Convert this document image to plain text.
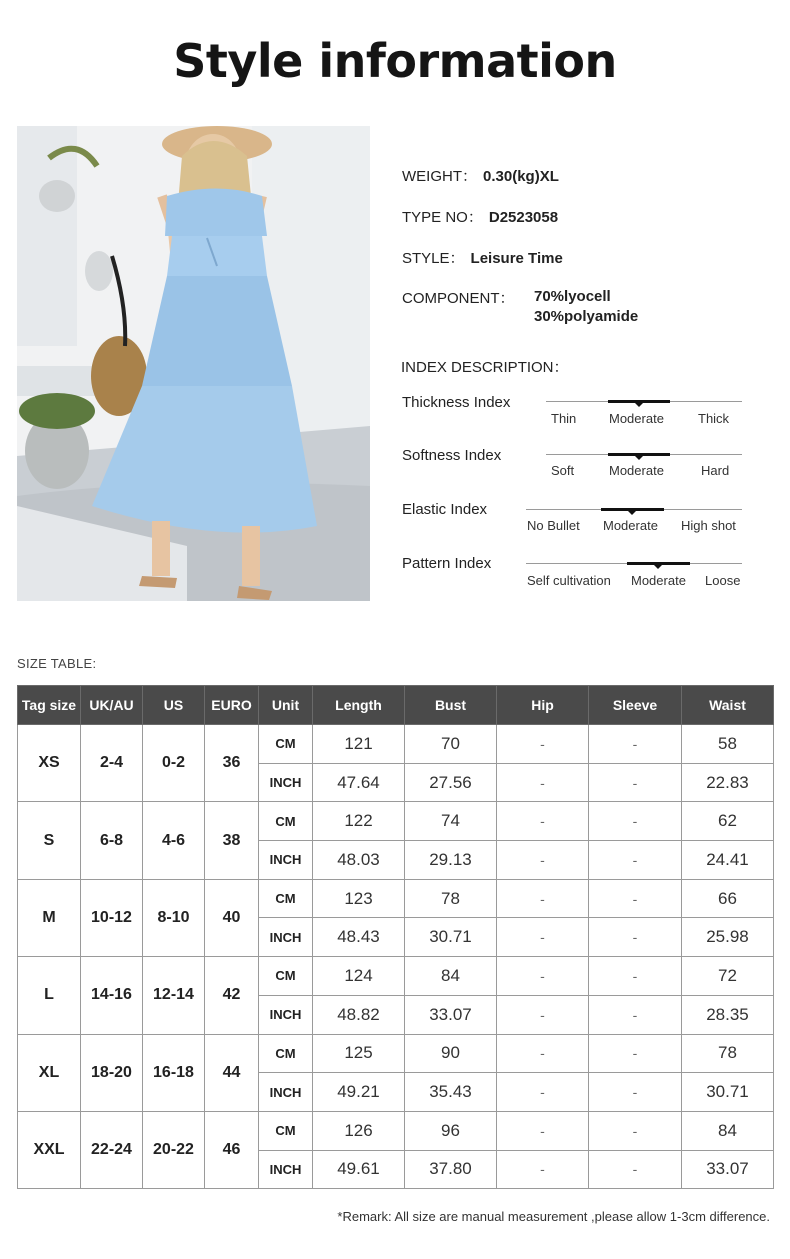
Style information
WEIGHT： 0.30(kg)XL
TYPE NO： D2523058
STYLE： Leisure Time
COMPONENT： 70%lyocell
30%polyamide
INDEX DESCRIPTION：
Thickness Index
Thin	Moderate	Thick
Softness Index
Soft	Moderate	Hard
Elastic Index
No Bullet Moderate High shot
Pattern Index
Self cultivation Moderate Loose
SIZE TABLE:
Tag size	UK/AU	US	EURO	Unit	Length	Bust	Hip	Sleeve	Waist
XS	2-4	0-2	36	CM	121	70	-	-	58
				INCH	47.64	27.56	-	-	22.83
S	6-8	4-6	38	CM	122	74	-	-	62
				INCH	48.03	29.13	-	-	24.41
M	10-12	8-10	40	CM	123	78	-	-	66
				INCH	48.43	30.71	-	-	25.98
L	14-16	12-14	42	CM	124	84	-	-	72
				INCH	48.82	33.07	-	-	28.35
XL	18-20	16-18	44	CM	125	90	-	-	78
				INCH	49.21	35.43	-	-	30.71
XXL	22-24	20-22	46	CM	126	96	-	-	84
				INCH	49.61	37.80	-	-	33.07
*Remark: All size are manual measurement ,please allow 1-3cm difference.
